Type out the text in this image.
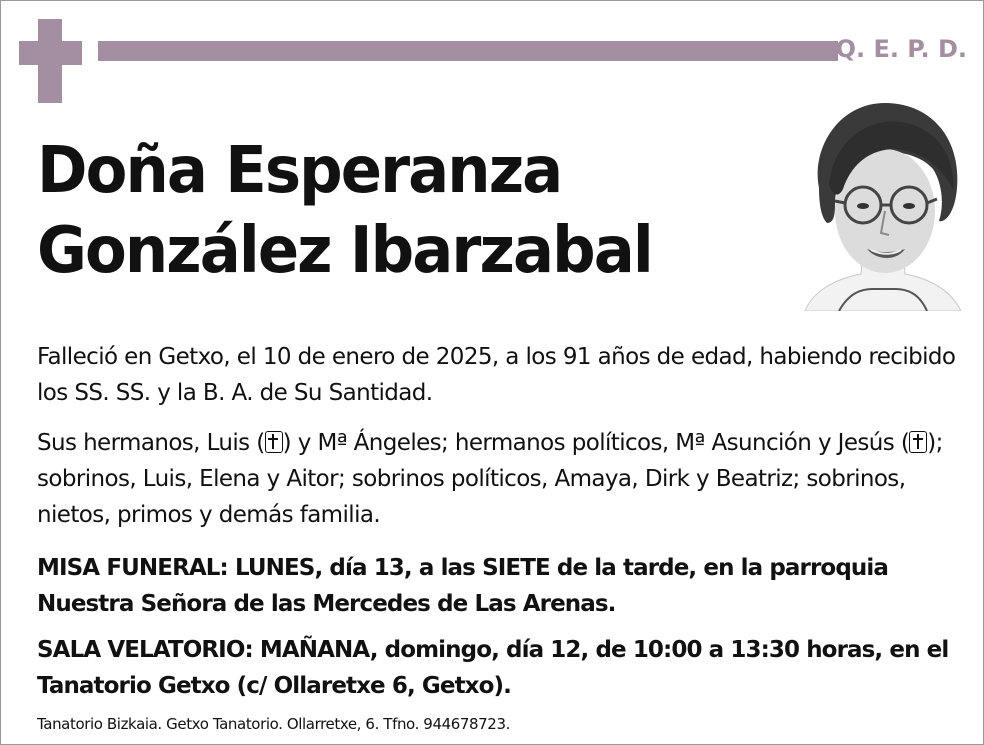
Q. E. P. D.
Doña Esperanza
González Ibarzabal

Falleció en Getxo, el 10 de enero de 2025, a los 91 años de edad, habiendo recibido los SS. SS. y la B. A. de Su Santidad.

Sus hermanos, Luis ( ) y Mª Ángeles; hermanos políticos, Mª Asunción y Jesús ( ); sobrinos, Luis, Elena y Aitor; sobrinos políticos, Amaya, Dirk y Beatriz; sobrinos, nietos, primos y demás familia.

MISA FUNERAL: LUNES, día 13, a las SIETE de la tarde, en la parroquia Nuestra Señora de las Mercedes de Las Arenas.

SALA VELATORIO: MAÑANA, domingo, día 12, de 10:00 a 13:30 horas, en el Tanatorio Getxo (c/ Ollaretxe 6, Getxo).

Tanatorio Bizkaia. Getxo Tanatorio. Ollarretxe, 6. Tfno. 944678723.
